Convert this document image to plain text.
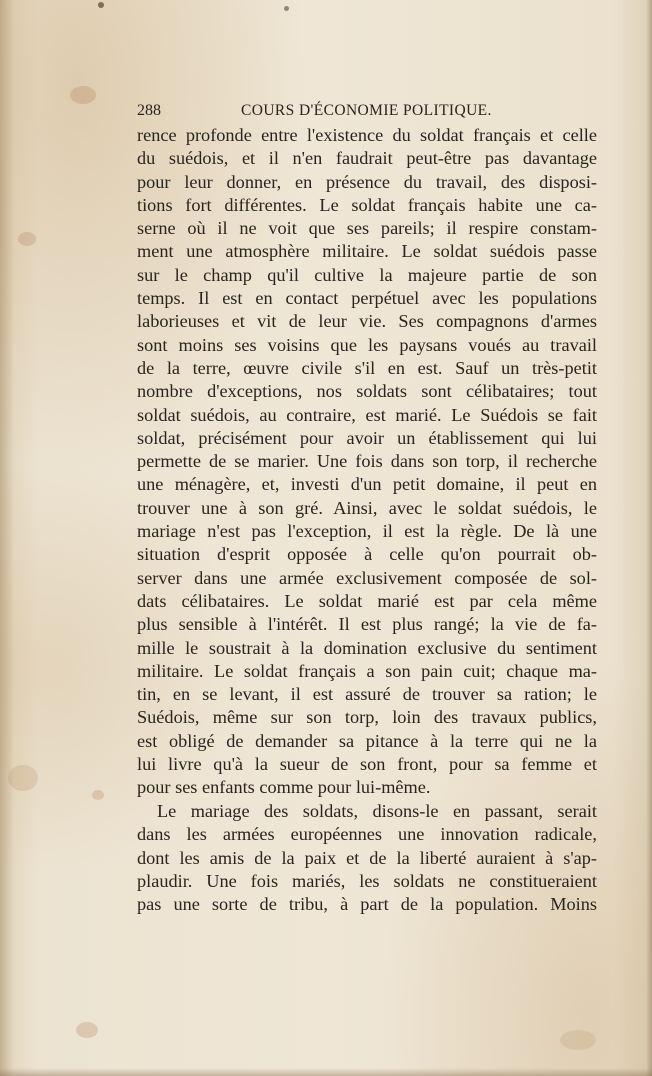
288	COURS D'ÉCONOMIE POLITIQUE.
rence profonde entre l'existence du soldat français et celle
du suédois, et il n'en faudrait peut-être pas davantage
pour leur donner, en présence du travail, des disposi-
tions fort différentes. Le soldat français habite une ca-
serne où il ne voit que ses pareils; il respire constam-
ment une atmosphère militaire. Le soldat suédois passe
sur le champ qu'il cultive la majeure partie de son
temps. Il est en contact perpétuel avec les populations
laborieuses et vit de leur vie. Ses compagnons d'armes
sont moins ses voisins que les paysans voués au travail
de la terre, œuvre civile s'il en est. Sauf un très-petit
nombre d'exceptions, nos soldats sont célibataires; tout
soldat suédois, au contraire, est marié. Le Suédois se fait
soldat, précisément pour avoir un établissement qui lui
permette de se marier. Une fois dans son torp, il recherche
une ménagère, et, investi d'un petit domaine, il peut en
trouver une à son gré. Ainsi, avec le soldat suédois, le
mariage n'est pas l'exception, il est la règle. De là une
situation d'esprit opposée à celle qu'on pourrait ob-
server dans une armée exclusivement composée de sol-
dats célibataires. Le soldat marié est par cela même
plus sensible à l'intérêt. Il est plus rangé; la vie de fa-
mille le soustrait à la domination exclusive du sentiment
militaire. Le soldat français a son pain cuit; chaque ma-
tin, en se levant, il est assuré de trouver sa ration; le
Suédois, même sur son torp, loin des travaux publics,
est obligé de demander sa pitance à la terre qui ne la
lui livre qu'à la sueur de son front, pour sa femme et
pour ses enfants comme pour lui-même.
Le mariage des soldats, disons-le en passant, serait
dans les armées européennes une innovation radicale,
dont les amis de la paix et de la liberté auraient à s'ap-
plaudir. Une fois mariés, les soldats ne constitueraient
pas une sorte de tribu, à part de la population. Moins
